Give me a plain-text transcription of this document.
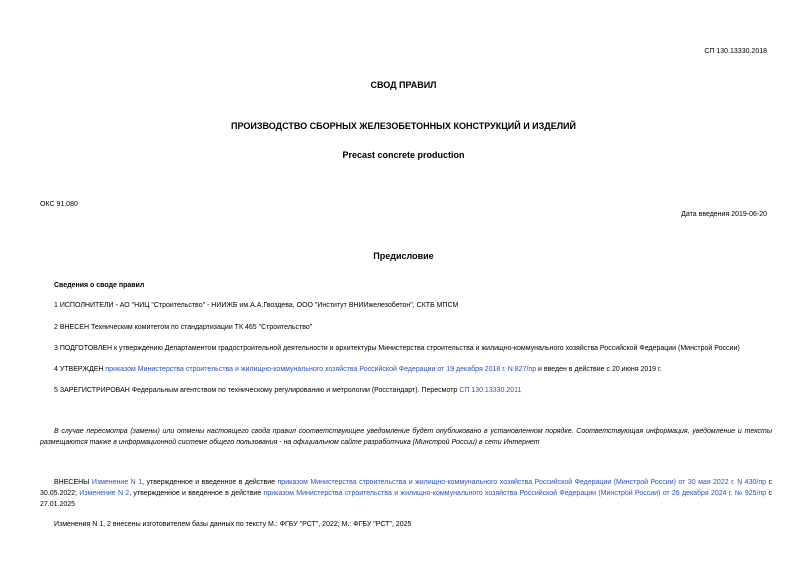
СП 130.13330.2018
СВОД ПРАВИЛ
ПРОИЗВОДСТВО СБОРНЫХ ЖЕЛЕЗОБЕТОННЫХ КОНСТРУКЦИЙ И ИЗДЕЛИЙ
Precast concrete production
ОКС 91.080
Дата введения 2019-06-20
Предисловие
Сведения о своде правил
1 ИСПОЛНИТЕЛИ - АО "НИЦ "Строительство" - НИИЖБ им.А.А.Гвоздева, ООО "Институт ВНИИжелезобетон", СКТБ МПСМ
2 ВНЕСЕН Техническим комитетом по стандартизации ТК 465 "Строительство"
3 ПОДГОТОВЛЕН к утверждению Департаментом градостроительной деятельности и архитектуры Министерства строительства и жилищно-коммунального хозяйства Российской Федерации (Минстрой России)
4 УТВЕРЖДЕН приказом Министерства строительства и жилищно-коммунального хозяйства Российской Федерации от 19 декабря 2018 г. N 827/пр и введен в действие с 20 июня 2019 г.
5 ЗАРЕГИСТРИРОВАН Федеральным агентством по техническому регулированию и метрологии (Росстандарт). Пересмотр СП 130.13330.2011
В случае пересмотра (замены) или отмены настоящего свода правил соответствующее уведомление будет опубликовано в установленном порядке. Соответствующая информация, уведомление и тексты размещаются также в информационной системе общего пользования - на официальном сайте разработчика (Минстрой России) в сети Интернет
ВНЕСЕНЫ Изменение N 1, утвержденное и введенное в действие приказом Министерства строительства и жилищно-коммунального хозяйства Российской Федерации (Минстрой России) от 30 мая 2022 г. N 430/пр с 30.05.2022; Изменение N 2, утвержденное и введенное в действие приказом Министерства строительства и жилищно-коммунального хозяйства Российской Федерации (Минстрой России) от 26 декабря 2024 г. № 925/пр с 27.01.2025
Изменения N 1, 2 внесены изготовителем базы данных по тексту М.: ФГБУ "РСТ", 2022; М.: ФГБУ "РСТ", 2025
